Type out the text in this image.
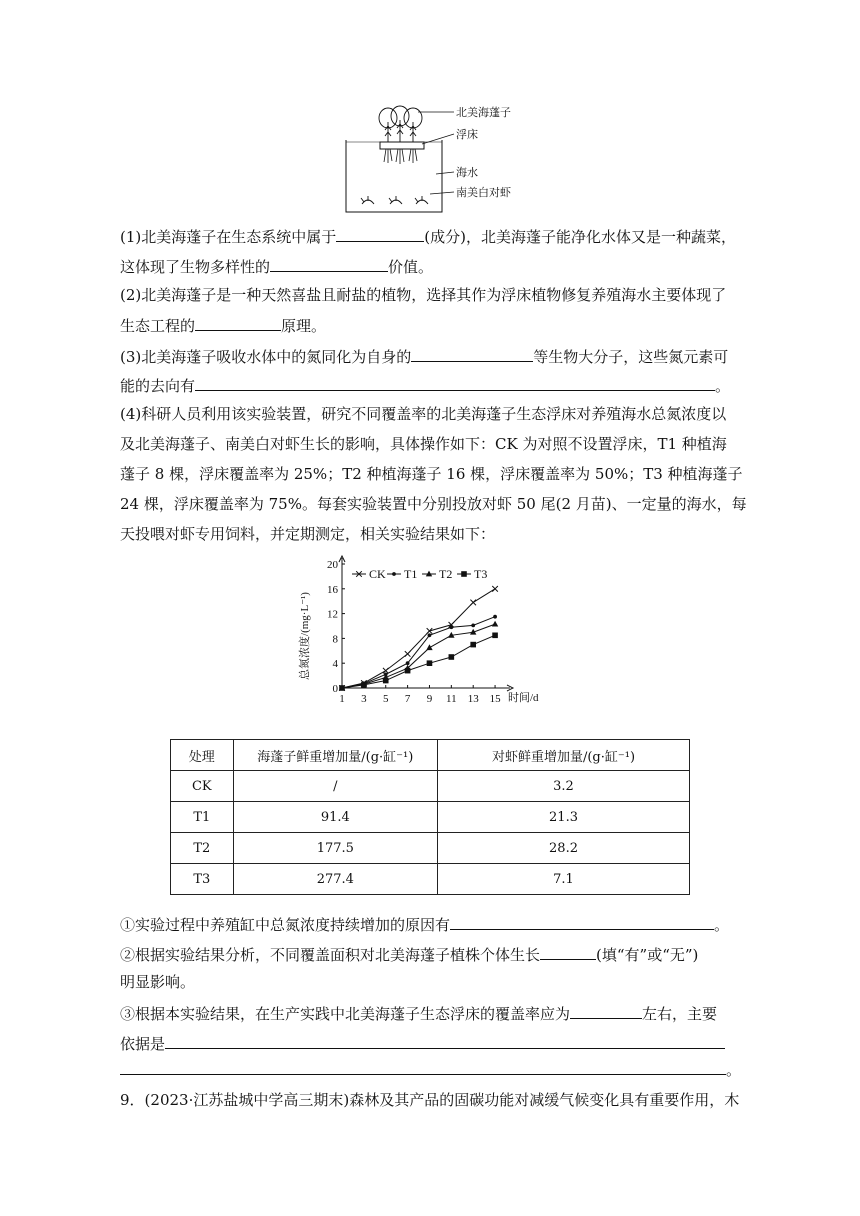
北美海蓬子
浮床
海水
南美白对虾
(1)北美海蓬子在生态系统中属于	(成分)，北美海蓬子能净化水体又是一种蔬菜，
这体现了生物多样性的	价值。
(2)北美海蓬子是一种天然喜盐且耐盐的植物，选择其作为浮床植物修复养殖海水主要体现了
生态工程的	原理。
(3)北美海蓬子吸收水体中的氮同化为自身的	等生物大分子，这些氮元素可
能的去向有	。
(4)科研人员利用该实验装置，研究不同覆盖率的北美海蓬子生态浮床对养殖海水总氮浓度以
及北美海蓬子、南美白对虾生长的影响，具体操作如下：CK 为对照不设置浮床，T1 种植海
蓬子 8 棵，浮床覆盖率为 25%；T2 种植海蓬子 16 棵，浮床覆盖率为 50%；T3 种植海蓬子
24 棵，浮床覆盖率为 75%。每套实验装置中分别投放对虾 50 尾(2 月苗)、一定量的海水，每
天投喂对虾专用饲料，并定期测定，相关实验结果如下：
1 3 5 7 9 11 13 15
0
4
8
12
16
20
CK T1 T2 T3
总氮浓度/(mg·L⁻¹)
时间/d
处理	海蓬子鲜重增加量/(g·缸⁻¹)	对虾鲜重增加量/(g·缸⁻¹)
CK	/	3.2
T1	91.4	21.3
T2	177.5	28.2
T3	277.4	7.1
①实验过程中养殖缸中总氮浓度持续增加的原因有	。
②根据实验结果分析，不同覆盖面积对北美海蓬子植株个体生长	(填“有”或“无”)
明显影响。
③根据本实验结果，在生产实践中北美海蓬子生态浮床的覆盖率应为	左右，主要
依据是
。
9．(2023·江苏盐城中学高三期末)森林及其产品的固碳功能对减缓气候变化具有重要作用，木
